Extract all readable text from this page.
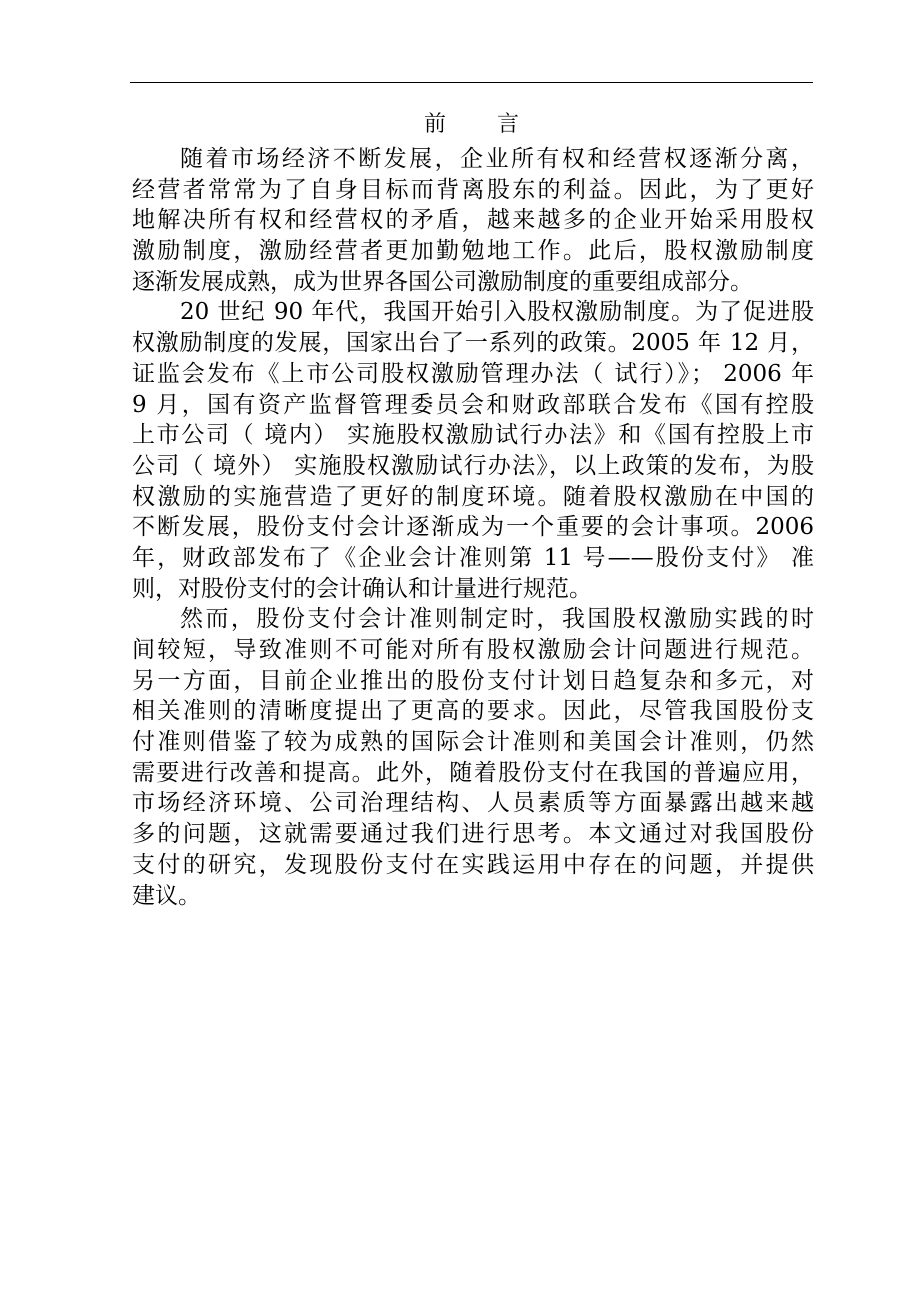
前 言
随着市场经济不断发展，企业所有权和经营权逐渐分离，
经营者常常为了自身目标而背离股东的利益。因此，为了更好
地解决所有权和经营权的矛盾，越来越多的企业开始采用股权
激励制度，激励经营者更加勤勉地工作。此后，股权激励制度
逐渐发展成熟，成为世界各国公司激励制度的重要组成部分。
20 世纪 90 年代，我国开始引入股权激励制度。为了促进股
权激励制度的发展，国家出台了一系列的政策。2005 年 12 月，
证监会发布《上市公司股权激励管理办法（ 试行）》； 2006 年
9 月，国有资产监督管理委员会和财政部联合发布《国有控股
上市公司（ 境内） 实施股权激励试行办法》和《国有控股上市
公司（ 境外） 实施股权激励试行办法》，以上政策的发布，为股
权激励的实施营造了更好的制度环境。随着股权激励在中国的
不断发展，股份支付会计逐渐成为一个重要的会计事项。2006
年，财政部发布了《企业会计准则第 11 号——股份支付》 准
则，对股份支付的会计确认和计量进行规范。
然而，股份支付会计准则制定时，我国股权激励实践的时
间较短，导致准则不可能对所有股权激励会计问题进行规范。
另一方面，目前企业推出的股份支付计划日趋复杂和多元，对
相关准则的清晰度提出了更高的要求。因此，尽管我国股份支
付准则借鉴了较为成熟的国际会计准则和美国会计准则，仍然
需要进行改善和提高。此外，随着股份支付在我国的普遍应用，
市场经济环境、公司治理结构、人员素质等方面暴露出越来越
多的问题，这就需要通过我们进行思考。本文通过对我国股份
支付的研究，发现股份支付在实践运用中存在的问题，并提供
建议。
